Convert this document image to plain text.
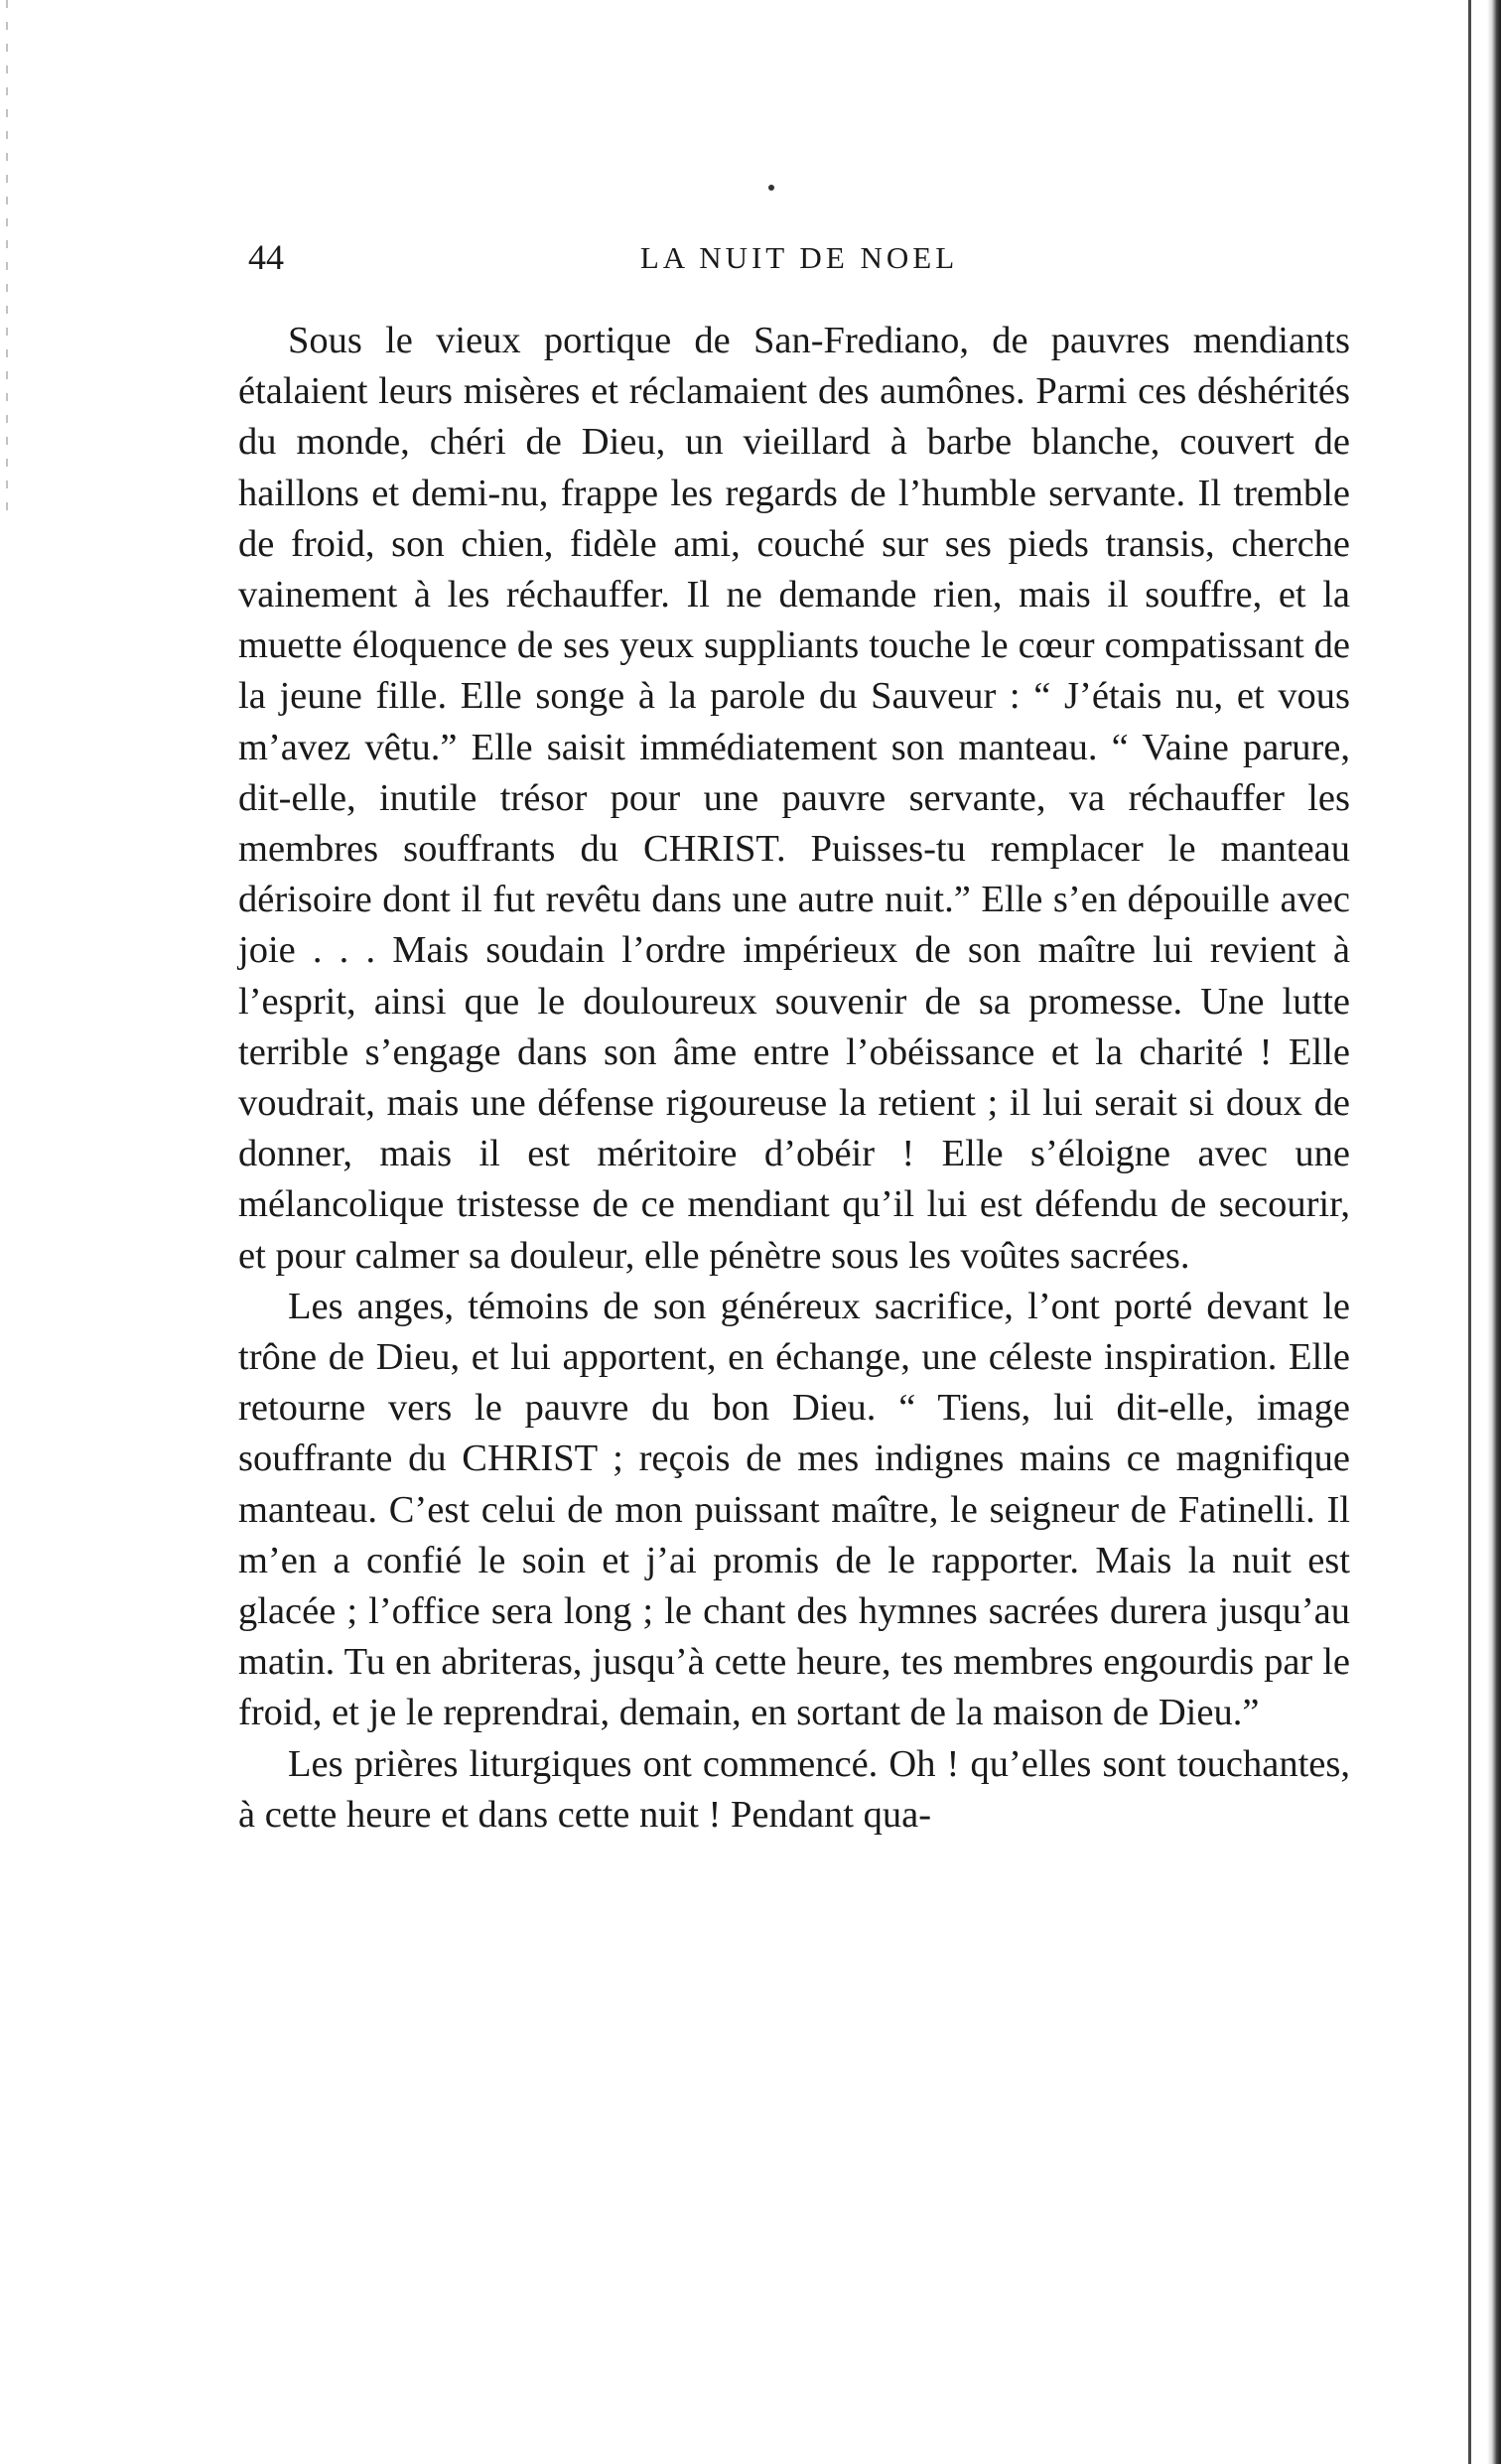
44	LA NUIT DE NOEL

Sous le vieux portique de San-Frediano, de pauvres mendiants étalaient leurs misères et réclamaient des aumônes. Parmi ces déshérités du monde, chéri de Dieu, un vieillard à barbe blanche, couvert de haillons et demi-nu, frappe les regards de l’humble servante. Il tremble de froid, son chien, fidèle ami, couché sur ses pieds transis, cherche vainement à les réchauffer. Il ne demande rien, mais il souffre, et la muette éloquence de ses yeux suppliants touche le cœur compatissant de la jeune fille. Elle songe à la parole du Sauveur : “ J’étais nu, et vous m’avez vêtu.” Elle saisit immédiatement son manteau. “ Vaine parure, dit-elle, inutile trésor pour une pauvre servante, va réchauffer les membres souffrants du CHRIST. Puisses-tu remplacer le manteau dérisoire dont il fut revêtu dans une autre nuit.” Elle s’en dépouille avec joie . . . Mais soudain l’ordre impérieux de son maître lui revient à l’esprit, ainsi que le douloureux souvenir de sa promesse. Une lutte terrible s’engage dans son âme entre l’obéissance et la charité ! Elle voudrait, mais une défense rigoureuse la retient ; il lui serait si doux de donner, mais il est méritoire d’obéir ! Elle s’éloigne avec une mélancolique tristesse de ce mendiant qu’il lui est défendu de secourir, et pour calmer sa douleur, elle pénètre sous les voûtes sacrées.

Les anges, témoins de son généreux sacrifice, l’ont porté devant le trône de Dieu, et lui apportent, en échange, une céleste inspiration. Elle retourne vers le pauvre du bon Dieu. “ Tiens, lui dit-elle, image souffrante du CHRIST ; reçois de mes indignes mains ce magnifique manteau. C’est celui de mon puissant maître, le seigneur de Fatinelli. Il m’en a confié le soin et j’ai promis de le rapporter. Mais la nuit est glacée ; l’office sera long ; le chant des hymnes sacrées durera jusqu’au matin. Tu en abriteras, jusqu’à cette heure, tes membres engourdis par le froid, et je le reprendrai, demain, en sortant de la maison de Dieu.”

Les prières liturgiques ont commencé. Oh ! qu’elles sont touchantes, à cette heure et dans cette nuit ! Pendant qua-
